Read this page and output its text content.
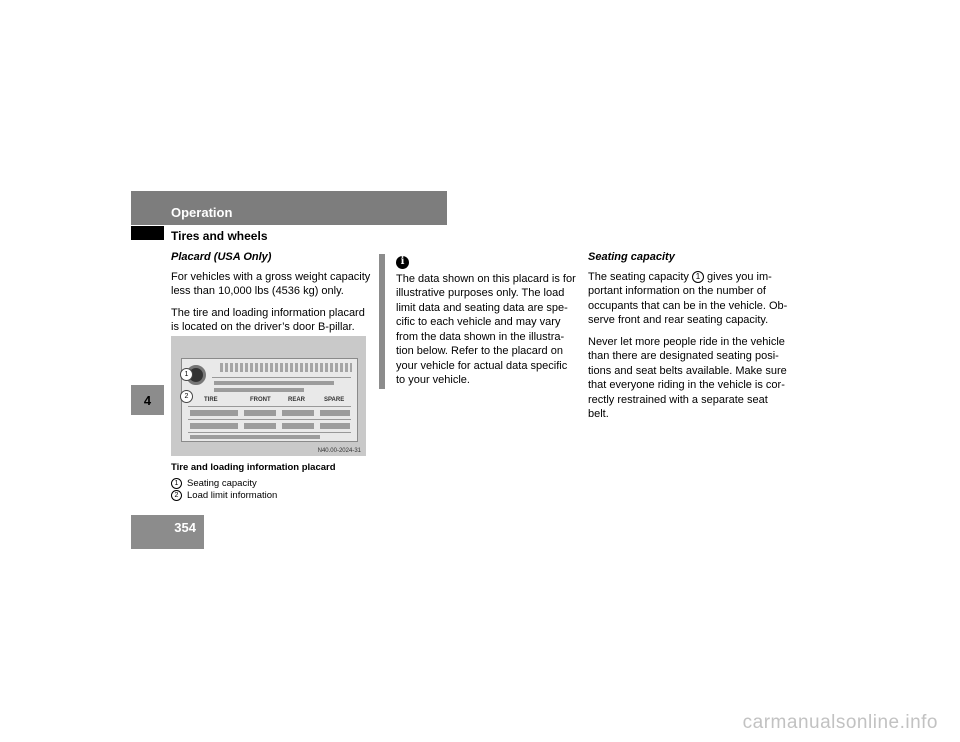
Operation
Tires and wheels
4
354

Placard (USA Only)

For vehicles with a gross weight capacity less than 10,000 lbs (4536 kg) only.

The tire and loading information placard is located on the driver’s door B-pillar.

1
2	TIRE	FRONT	REAR	SPARE
N40.00-2024-31
Tire and loading information placard
1 Seating capacity
2 Load limit information
i

The data shown on this placard is for illustrative purposes only. The load limit data and seating data are spe-cific to each vehicle and may vary from the data shown in the illustra-tion below. Refer to the placard on your vehicle for actual data specific to your vehicle.

Seating capacity

The seating capacity 1 gives you im-portant information on the number of occupants that can be in the vehicle. Ob-serve front and rear seating capacity.

Never let more people ride in the vehicle than there are designated seating posi-tions and seat belts available. Make sure that everyone riding in the vehicle is cor-rectly restrained with a separate seat belt.

carmanualsonline.info
